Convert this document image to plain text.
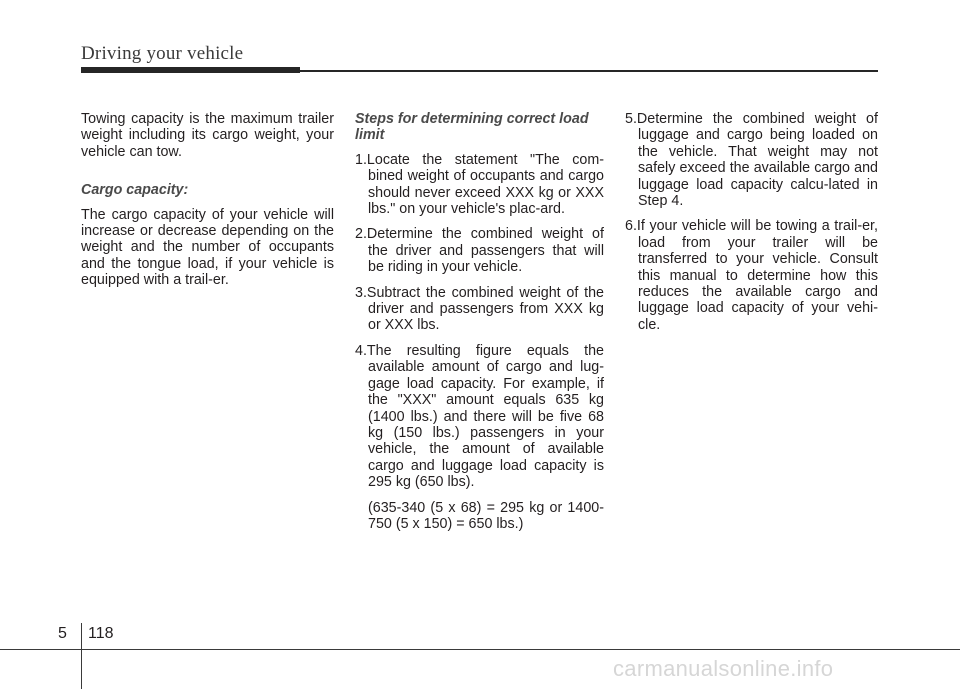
Driving your vehicle

Towing capacity is the maximum trailer weight including its cargo weight, your vehicle can tow.

Cargo capacity:

The cargo capacity of your vehicle will increase or decrease depending on the weight and the number of occupants and the tongue load, if your vehicle is equipped with a trail-er.

Steps for determining correct load limit
1.Locate the statement "The com-bined weight of occupants and cargo should never exceed XXX kg or XXX lbs." on your vehicle's plac-ard.
2.Determine the combined weight of the driver and passengers that will be riding in your vehicle.
3.Subtract the combined weight of the driver and passengers from XXX kg or XXX lbs.
4.The resulting figure equals the available amount of cargo and lug-gage load capacity. For example, if the "XXX" amount equals 635 kg (1400 lbs.) and there will be five 68 kg (150 lbs.) passengers in your vehicle, the amount of available cargo and luggage load capacity is 295 kg (650 lbs).
(635-340 (5 x 68) = 295 kg or 1400-750 (5 x 150) = 650 lbs.)
5.Determine the combined weight of luggage and cargo being loaded on the vehicle. That weight may not safely exceed the available cargo and luggage load capacity calcu-lated in Step 4.
6.If your vehicle will be towing a trail-er, load from your trailer will be transferred to your vehicle. Consult this manual to determine how this reduces the available cargo and luggage load capacity of your vehi-cle.
5 118
carmanualsonline.info
